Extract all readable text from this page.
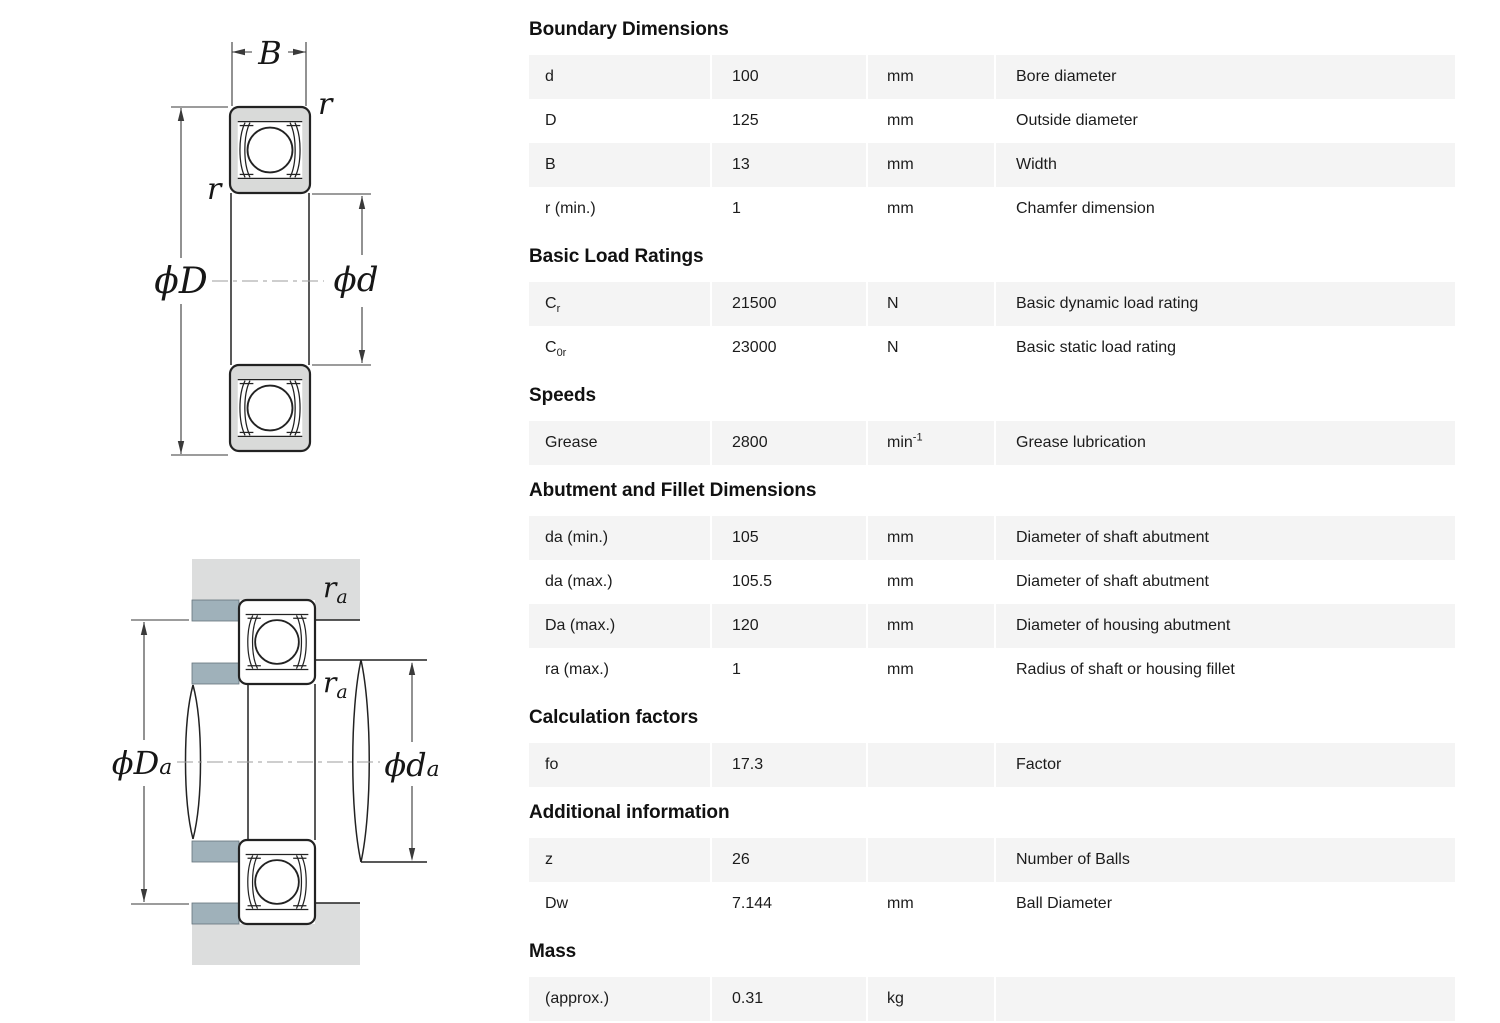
B
ϕD	ϕd
r
r
ϕDa	ϕda
$r_a$
$r_a$
Boundary Dimensions
d	100	mm	Bore diameter
D	125	mm	Outside diameter
B	13	mm	Width
r (min.)	1	mm	Chamfer dimension
Basic Load Ratings
$C_r$	21500	N	Basic dynamic load rating
$C_{0r}$	23000	N	Basic static load rating
Speeds
Grease	2800	$\min^{-1}$	Grease lubrication
Abutment and Fillet Dimensions
da (min.)	105	mm	Diameter of shaft abutment
da (max.)	105.5	mm	Diameter of shaft abutment
Da (max.)	120	mm	Diameter of housing abutment
ra (max.)	1	mm	Radius of shaft or housing fillet
Calculation factors
fo	17.3		Factor
Additional information
z	26		Number of Balls
Dw	7.144	mm	Ball Diameter
Mass
(approx.)	0.31	kg	
